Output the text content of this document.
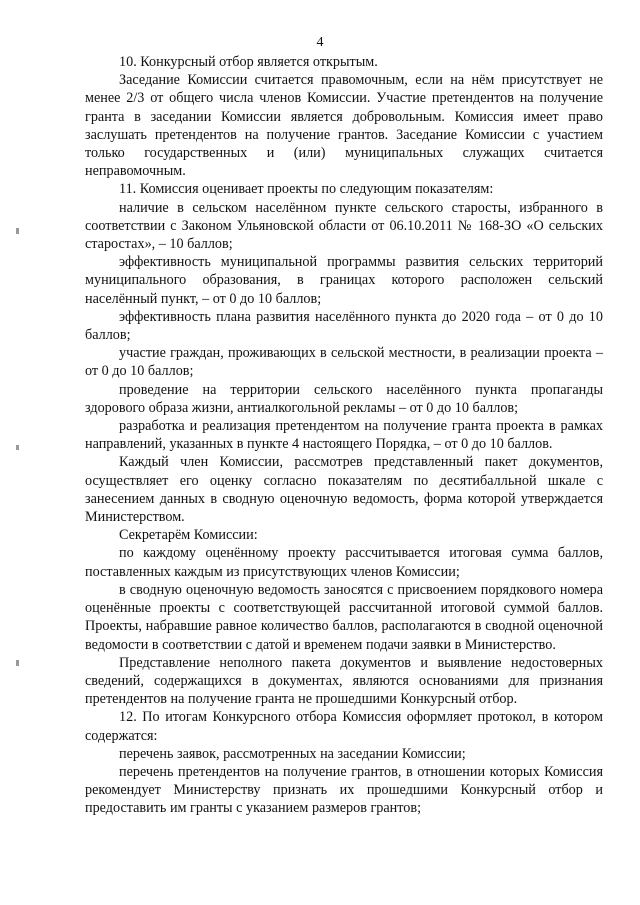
4

10. Конкурсный отбор является открытым.

Заседание Комиссии считается правомочным, если на нём присутствует не менее 2/3 от общего числа членов Комиссии. Участие претендентов на получение гранта в заседании Комиссии является добровольным. Комиссия имеет право заслушать претендентов на получение грантов. Заседание Комиссии с участием только государственных и (или) муниципальных служащих считается неправомочным.

11. Комиссия оценивает проекты по следующим показателям:

наличие в сельском населённом пункте сельского старосты, избранного в соответствии с Законом Ульяновской области от 06.10.2011 № 168-ЗО «О сельских старостах», – 10 баллов;

эффективность муниципальной программы развития сельских территорий муниципального образования, в границах которого расположен сельский населённый пункт, – от 0 до 10 баллов;

эффективность плана развития населённого пункта до 2020 года – от 0 до 10 баллов;

участие граждан, проживающих в сельской местности, в реализации проекта – от 0 до 10 баллов;

проведение на территории сельского населённого пункта пропаганды здорового образа жизни, антиалкогольной рекламы – от 0 до 10 баллов;

разработка и реализация претендентом на получение гранта проекта в рамках направлений, указанных в пункте 4 настоящего Порядка, – от 0 до 10 баллов.

Каждый член Комиссии, рассмотрев представленный пакет документов, осуществляет его оценку согласно показателям по десятибалльной шкале с занесением данных в сводную оценочную ведомость, форма которой утверждается Министерством.

Секретарём Комиссии:

по каждому оценённому проекту рассчитывается итоговая сумма баллов, поставленных каждым из присутствующих членов Комиссии;

в сводную оценочную ведомость заносятся с присвоением порядкового номера оценённые проекты с соответствующей рассчитанной итоговой суммой баллов. Проекты, набравшие равное количество баллов, располагаются в сводной оценочной ведомости в соответствии с датой и временем подачи заявки в Министерство.

Представление неполного пакета документов и выявление недостоверных сведений, содержащихся в документах, являются основаниями для признания претендентов на получение гранта не прошедшими Конкурсный отбор.

12. По итогам Конкурсного отбора Комиссия оформляет протокол, в котором содержатся:

перечень заявок, рассмотренных на заседании Комиссии;

перечень претендентов на получение грантов, в отношении которых Комиссия рекомендует Министерству признать их прошедшими Конкурсный отбор и предоставить им гранты с указанием размеров грантов;
